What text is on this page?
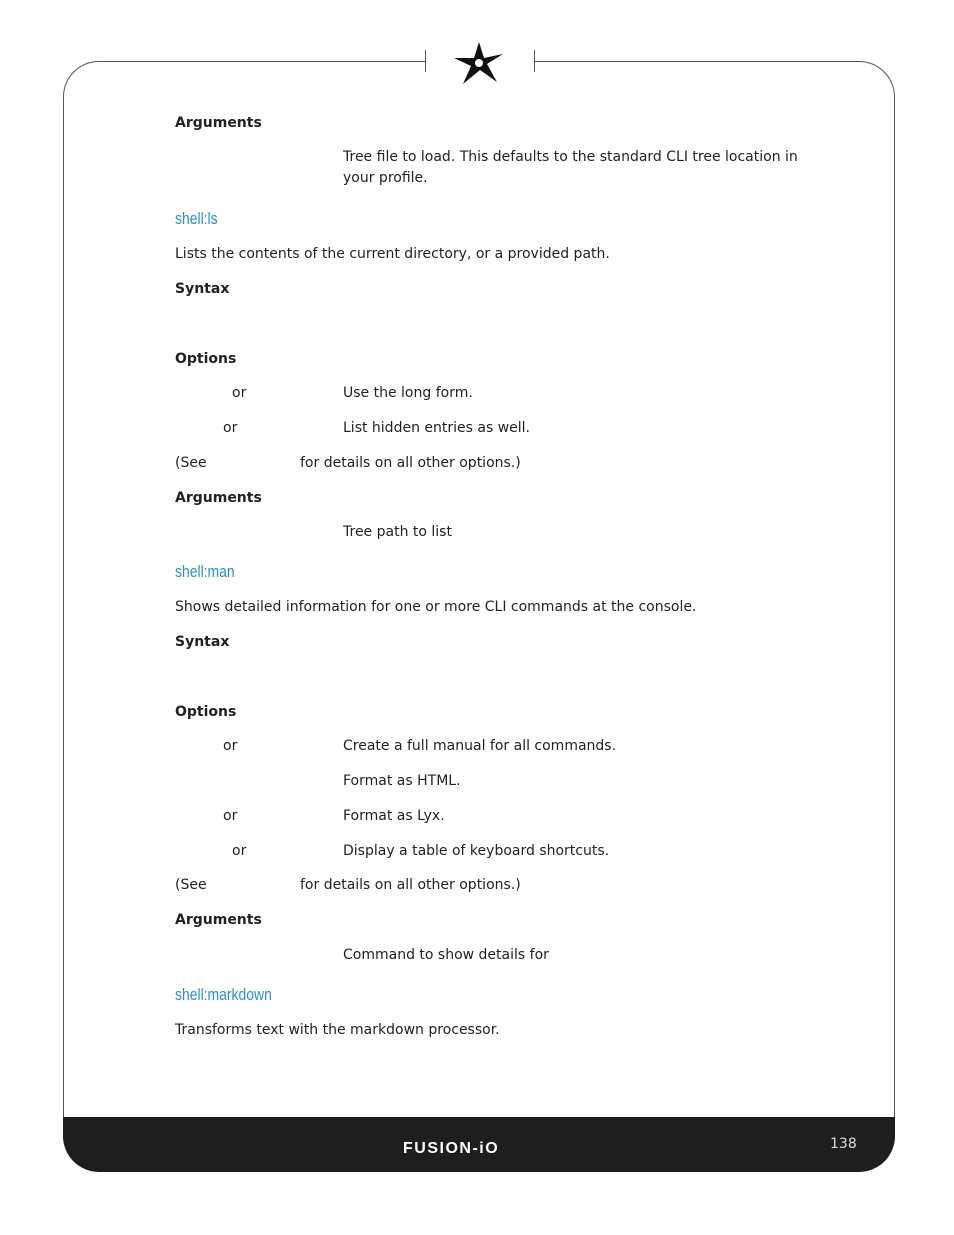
Arguments
Tree file to load. This defaults to the standard CLI tree location in your profile.
shell:ls
Lists the contents of the current directory, or a provided path.
Syntax
Options
or	Use the long form.
or	List hidden entries as well.
(See	for details on all other options.)
Arguments
Tree path to list
shell:man
Shows detailed information for one or more CLI commands at the console.
Syntax
Options
or	Create a full manual for all commands.
Format as HTML.
or	Format as Lyx.
or	Display a table of keyboard shortcuts.
(See	for details on all other options.)
Arguments
Command to show details for
shell:markdown
Transforms text with the markdown processor.
FUSION-iO	138
